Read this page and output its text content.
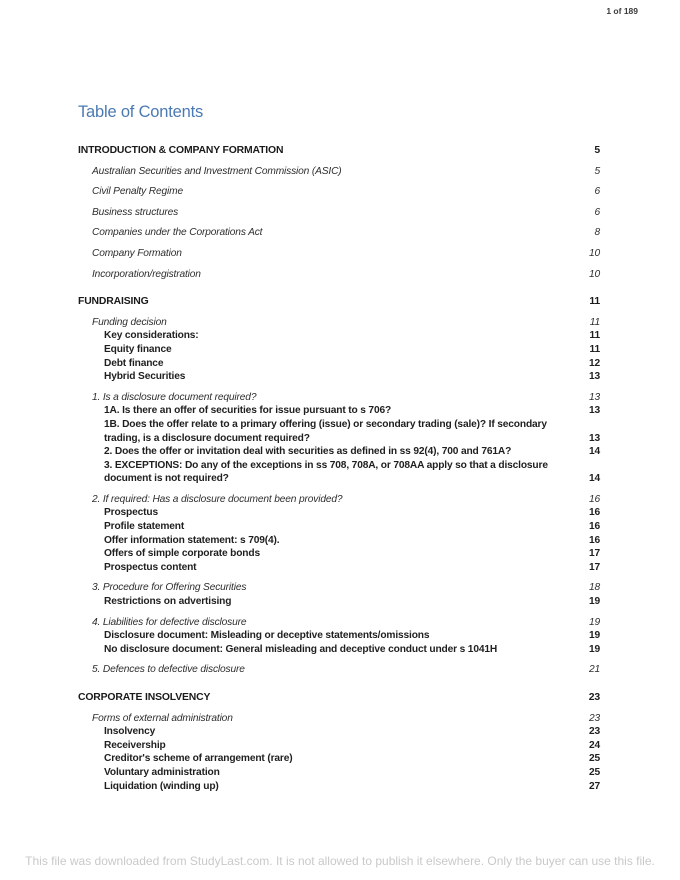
1 of 189
Table of Contents
INTRODUCTION & COMPANY FORMATION	5
Australian Securities and Investment Commission (ASIC)	5
Civil Penalty Regime	6
Business structures	6
Companies under the Corporations Act	8
Company Formation	10
Incorporation/registration	10
FUNDRAISING	11
Funding decision	11
Key considerations:	11
Equity finance	11
Debt finance	12
Hybrid Securities	13
1. Is a disclosure document required?	13
1A. Is there an offer of securities for issue pursuant to s 706?	13
1B. Does the offer relate to a primary offering (issue) or secondary trading (sale)? If secondary trading, is a disclosure document required?	13
2. Does the offer or invitation deal with securities as defined in ss 92(4), 700 and 761A?	14
3. EXCEPTIONS: Do any of the exceptions in ss 708, 708A, or 708AA apply so that a disclosure document is not required?	14
2. If required: Has a disclosure document been provided?	16
Prospectus	16
Profile statement	16
Offer information statement: s 709(4).	16
Offers of simple corporate bonds	17
Prospectus content	17
3. Procedure for Offering Securities	18
Restrictions on advertising	19
4. Liabilities for defective disclosure	19
Disclosure document: Misleading or deceptive statements/omissions	19
No disclosure document: General misleading and deceptive conduct under s 1041H	19
5. Defences to defective disclosure	21
CORPORATE INSOLVENCY	23
Forms of external administration	23
Insolvency	23
Receivership	24
Creditor's scheme of arrangement (rare)	25
Voluntary administration	25
Liquidation (winding up)	27
This file was downloaded from StudyLast.com. It is not allowed to publish it elsewhere. Only the buyer can use this file.
